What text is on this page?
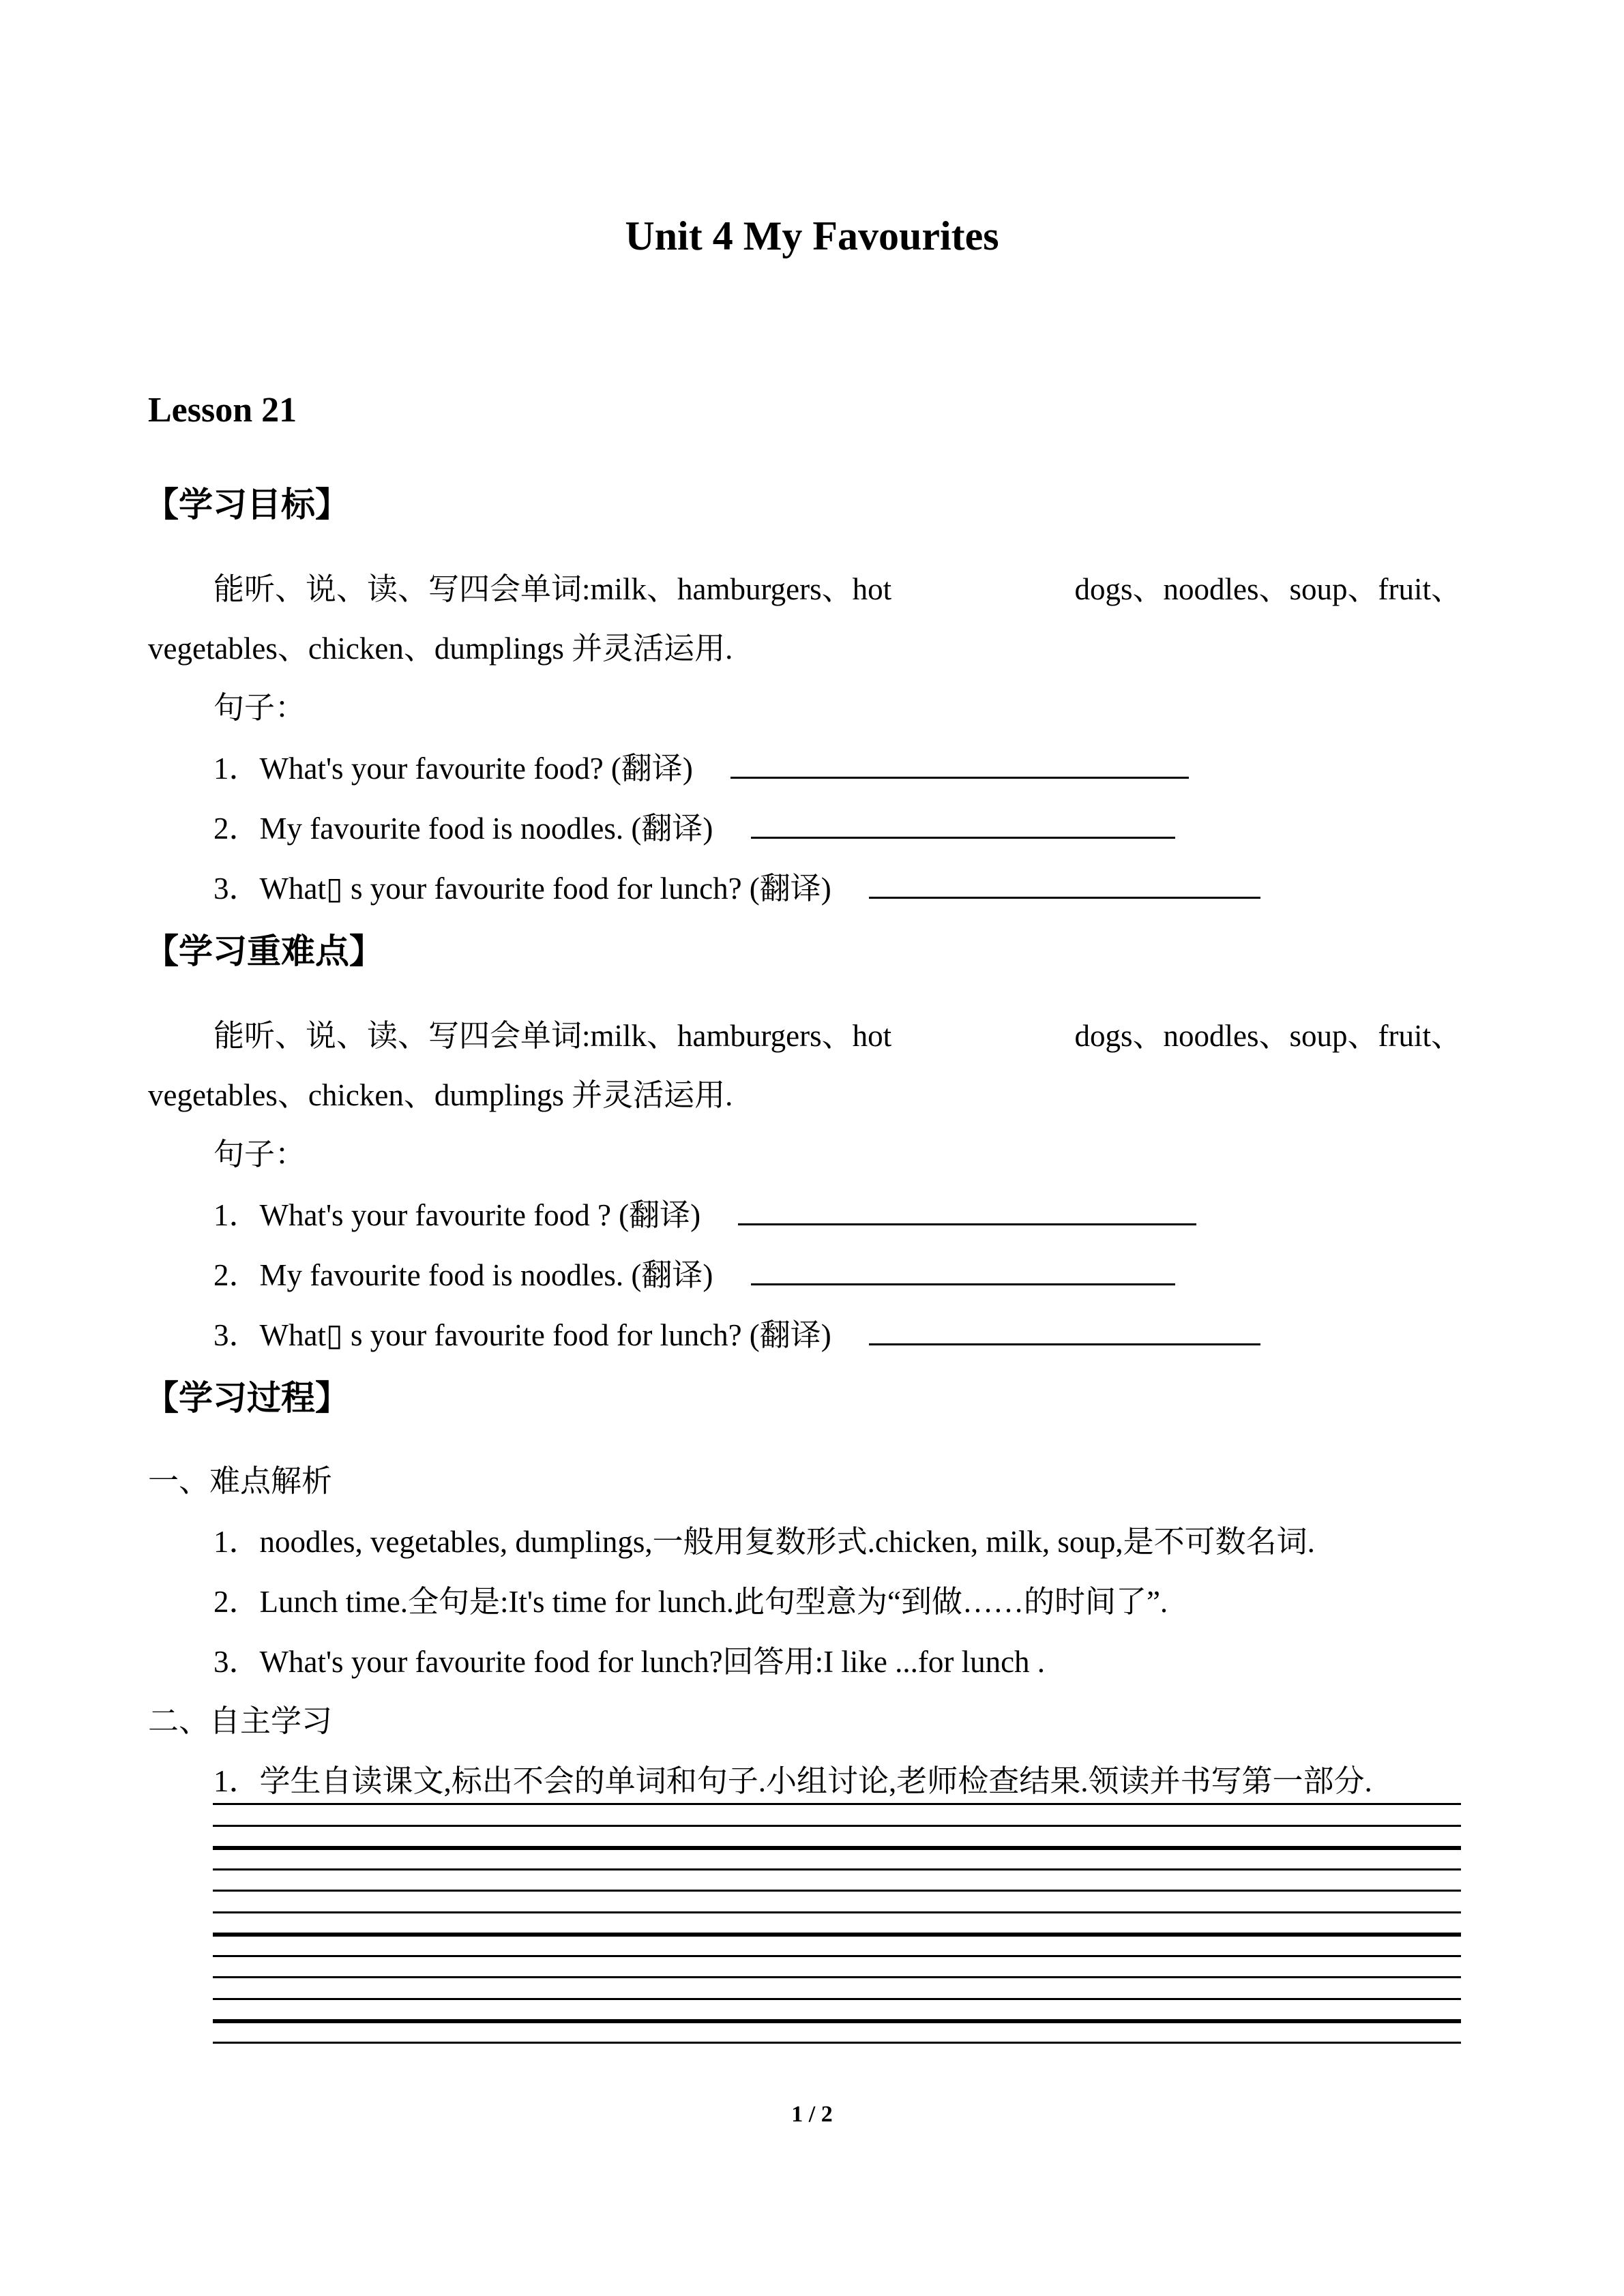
Unit 4 My Favourites
Lesson 21
【学习目标】
能听、说、读、写四会单词:milk、hamburgers、hot	dogs、noodles、soup、fruit、
vegetables、chicken、dumplings 并灵活运用.
句子：
1．What's your favourite food? (翻译)
2．My favourite food is noodles. (翻译)
3．What▯ s your favourite food for lunch? (翻译)
【学习重难点】
能听、说、读、写四会单词:milk、hamburgers、hot	dogs、noodles、soup、fruit、
vegetables、chicken、dumplings 并灵活运用.
句子：
1．What's your favourite food ? (翻译)
2．My favourite food is noodles. (翻译)
3．What▯ s your favourite food for lunch? (翻译)
【学习过程】
一、难点解析
1．noodles, vegetables, dumplings,一般用复数形式.chicken, milk, soup,是不可数名词.
2．Lunch time.全句是:It's time for lunch.此句型意为“到做……的时间了”.
3．What's your favourite food for lunch?回答用:I like ...for lunch .
二、自主学习
1．学生自读课文,标出不会的单词和句子.小组讨论,老师检查结果.领读并书写第一部分.
1 / 2
